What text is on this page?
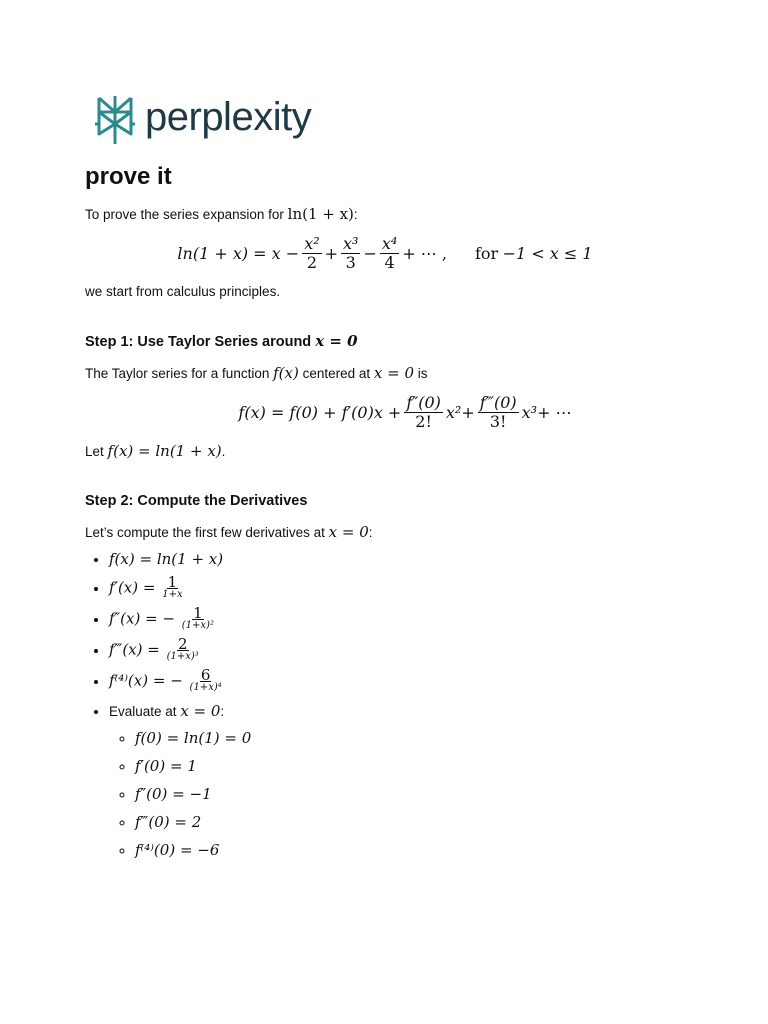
perplexity
prove it

To prove the series expansion for ln(1 + x):

$\ln(1 + x) = x - \frac{\text{x²}}{2} + \frac{\text{x³}}{3} - \frac{\text{x⁴}}{4}$ + ⋯ , for
−1 < x ≤ 1

we start from calculus principles.

Step 1: Use Taylor Series around x = 0

The Taylor series for a function f(x) centered at x = 0 is

$f(x) = f(0) + f'(0)x + \frac{f''(0)}{2!} x^2 + \frac{f‴(0)}{3!} x^3$ + ⋯

Let f(x) = ln(1 + x).

Step 2: Compute the Derivatives

Let’s compute the first few derivatives at x = 0:

• f(x) = ln(1 + x)
• $f'(x) = \frac{1}{1+x}$
• f″(x) = − $\frac{1}{\text{(1+x)²}}$
• f‴(x) = $\frac{2}{\text{(1+x)³}}$
• f⁽⁴⁾(x) = − $\frac{6}{\text{(1+x)⁴}}$
• Evaluate at x = 0:
◦ f(0) = ln(1) = 0
◦ f′(0) = 1
◦ f″(0) = −1
◦ f‴(0) = 2
◦ f⁽⁴⁾(0) = −6
